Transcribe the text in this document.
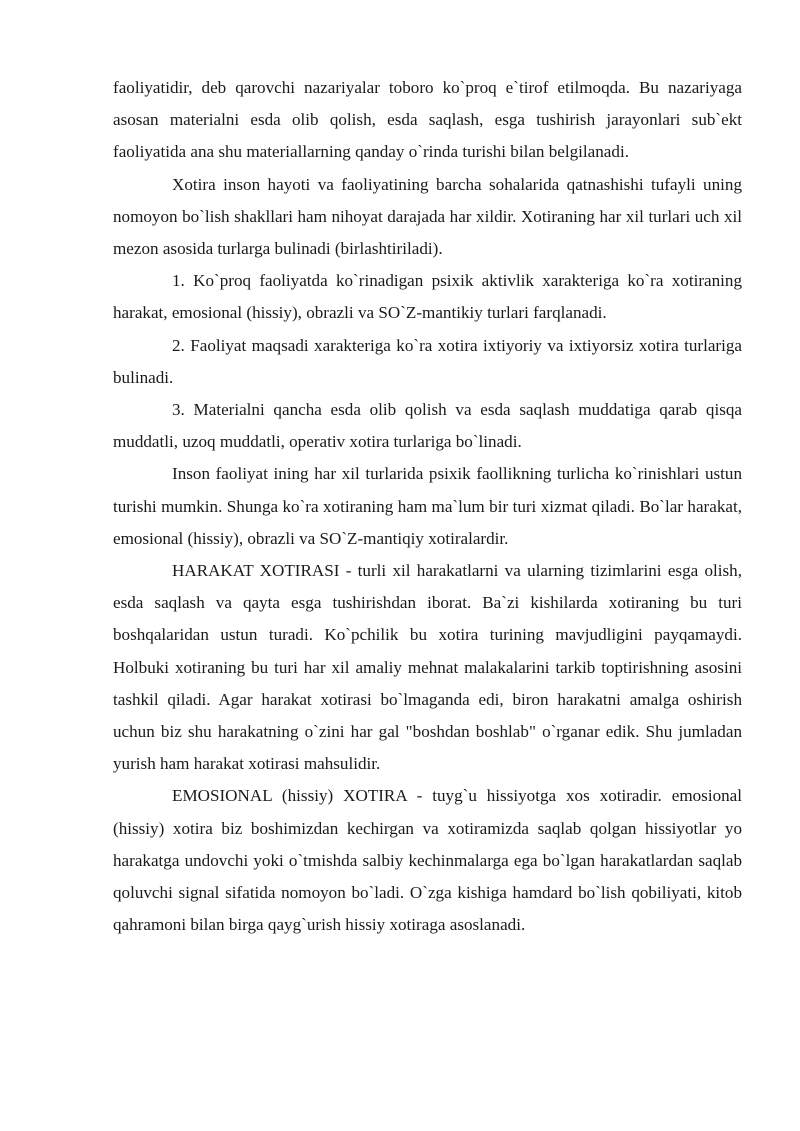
faoliyatidir, deb qarovchi nazariyalar toboro ko`proq e`tirof etilmoqda. Bu nazariyaga asosan materialni esda olib qolish, esda saqlash, esga tushirish jarayonlari sub`ekt faoliyatida ana shu materiallarning qanday o`rinda turishi bilan belgilanadi.

Xotira inson hayoti va faoliyatining barcha sohalarida qatnashishi tufayli uning nomoyon bo`lish shakllari ham nihoyat darajada har xildir. Xotiraning har xil turlari uch xil mezon asosida turlarga bulinadi (birlashtiriladi).

1. Ko`proq faoliyatda ko`rinadigan psixik aktivlik xarakteriga ko`ra xotiraning harakat, emosional (hissiy), obrazli va SO`Z-mantikiy turlari farqlanadi.

2. Faoliyat maqsadi xarakteriga ko`ra xotira ixtiyoriy va ixtiyorsiz xotira turlariga bulinadi.

3. Materialni qancha esda olib qolish va esda saqlash muddatiga qarab qisqa muddatli, uzoq muddatli, operativ xotira turlariga bo`linadi.

Inson faoliyat ining har xil turlarida psixik faollikning turlicha ko`rinishlari ustun turishi mumkin. Shunga ko`ra xotiraning ham ma`lum bir turi xizmat qiladi. Bo`lar harakat, emosional (hissiy), obrazli va SO`Z-mantiqiy xotiralardir.

HARAKAT XOTIRASI - turli xil harakatlarni va ularning tizimlarini esga olish, esda saqlash va qayta esga tushirishdan iborat. Ba`zi kishilarda xotiraning bu turi boshqalaridan ustun turadi. Ko`pchilik bu xotira turining mavjudligini payqamaydi. Holbuki xotiraning bu turi har xil amaliy mehnat malakalarini tarkib toptirishning asosini tashkil qiladi. Agar harakat xotirasi bo`lmaganda edi, biron harakatni amalga oshirish uchun biz shu harakatning o`zini har gal "boshdan boshlab" o`rganar edik. Shu jumladan yurish ham harakat xotirasi mahsulidir.

EMOSIONAL (hissiy) XOTIRA - tuyg`u hissiyotga xos xotiradir. emosional (hissiy) xotira biz boshimizdan kechirgan va xotiramizda saqlab qolgan hissiyotlar yo harakatga undovchi yoki o`tmishda salbiy kechinmalarga ega bo`lgan harakatlardan saqlab qoluvchi signal sifatida nomoyon bo`ladi. O`zga kishiga hamdard bo`lish qobiliyati, kitob qahramoni bilan birga qayg`urish hissiy xotiraga asoslanadi.
